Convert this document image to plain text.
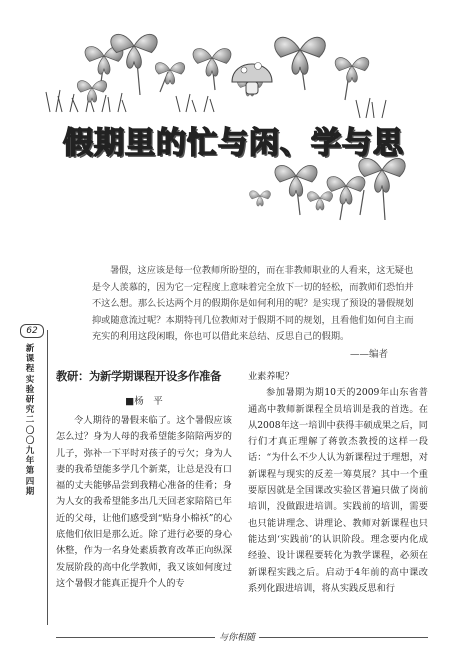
假期里的忙与闲、学与思
暑假，这应该是每一位教师所盼望的，而在非教师职业的人看来，这无疑也是令人羡慕的，因为它一定程度上意味着完全放下一切的轻松，而教师们恐怕并不这么想。那么长达两个月的假期你是如何利用的呢？是实现了预设的暑假规划抑或随意流过呢？本期特刊几位教师对于假期不同的规划，且看他们如何自主而充实的利用这段闲暇，你也可以借此来总结、反思自己的假期。
——编者
62
新
课
程
实
验
研
究
二
〇
〇
九
年
第
四
期
教研：为新学期课程开设多作准备
■杨　平

令人期待的暑假来临了。这个暑假应该怎么过？身为人母的我希望能多陪陪两岁的儿子，弥补一下平时对孩子的亏欠；身为人妻的我希望能多学几个新菜，让总是没有口福的丈夫能够品尝到我精心准备的佳肴；身为人女的我希望能多出几天回老家陪陪已年近的父母，让他们感受到“贴身小棉袄”的心底他们依旧是那么近。除了进行必要的身心休整，作为一名身处素质教育改革正向纵深发展阶段的高中化学教师，我又该如何度过这个暑假才能真正提升个人的专

业素养呢？

参加暑期为期10天的2009年山东省普通高中教师新课程全员培训是我的首选。在从2008年这一培训中获得丰硕成果之后，同行们才真正理解了蒋敦杰教授的这样一段话：“为什么不少人认为新课程过于理想，对新课程与现实的反差一筹莫展？其中一个重要原因就是全国课改实验区普遍只做了岗前培训，没做跟进培训。实践前的培训，需要也只能讲理念、讲理论、教师对新课程也只能达到‘实践前’的认识阶段。理念要内化成经验、设计课程要转化为教学课程，必须在新课程实践之后。启动于4年前的高中课改系列化跟进培训，将从实践反思和行

与你相随
